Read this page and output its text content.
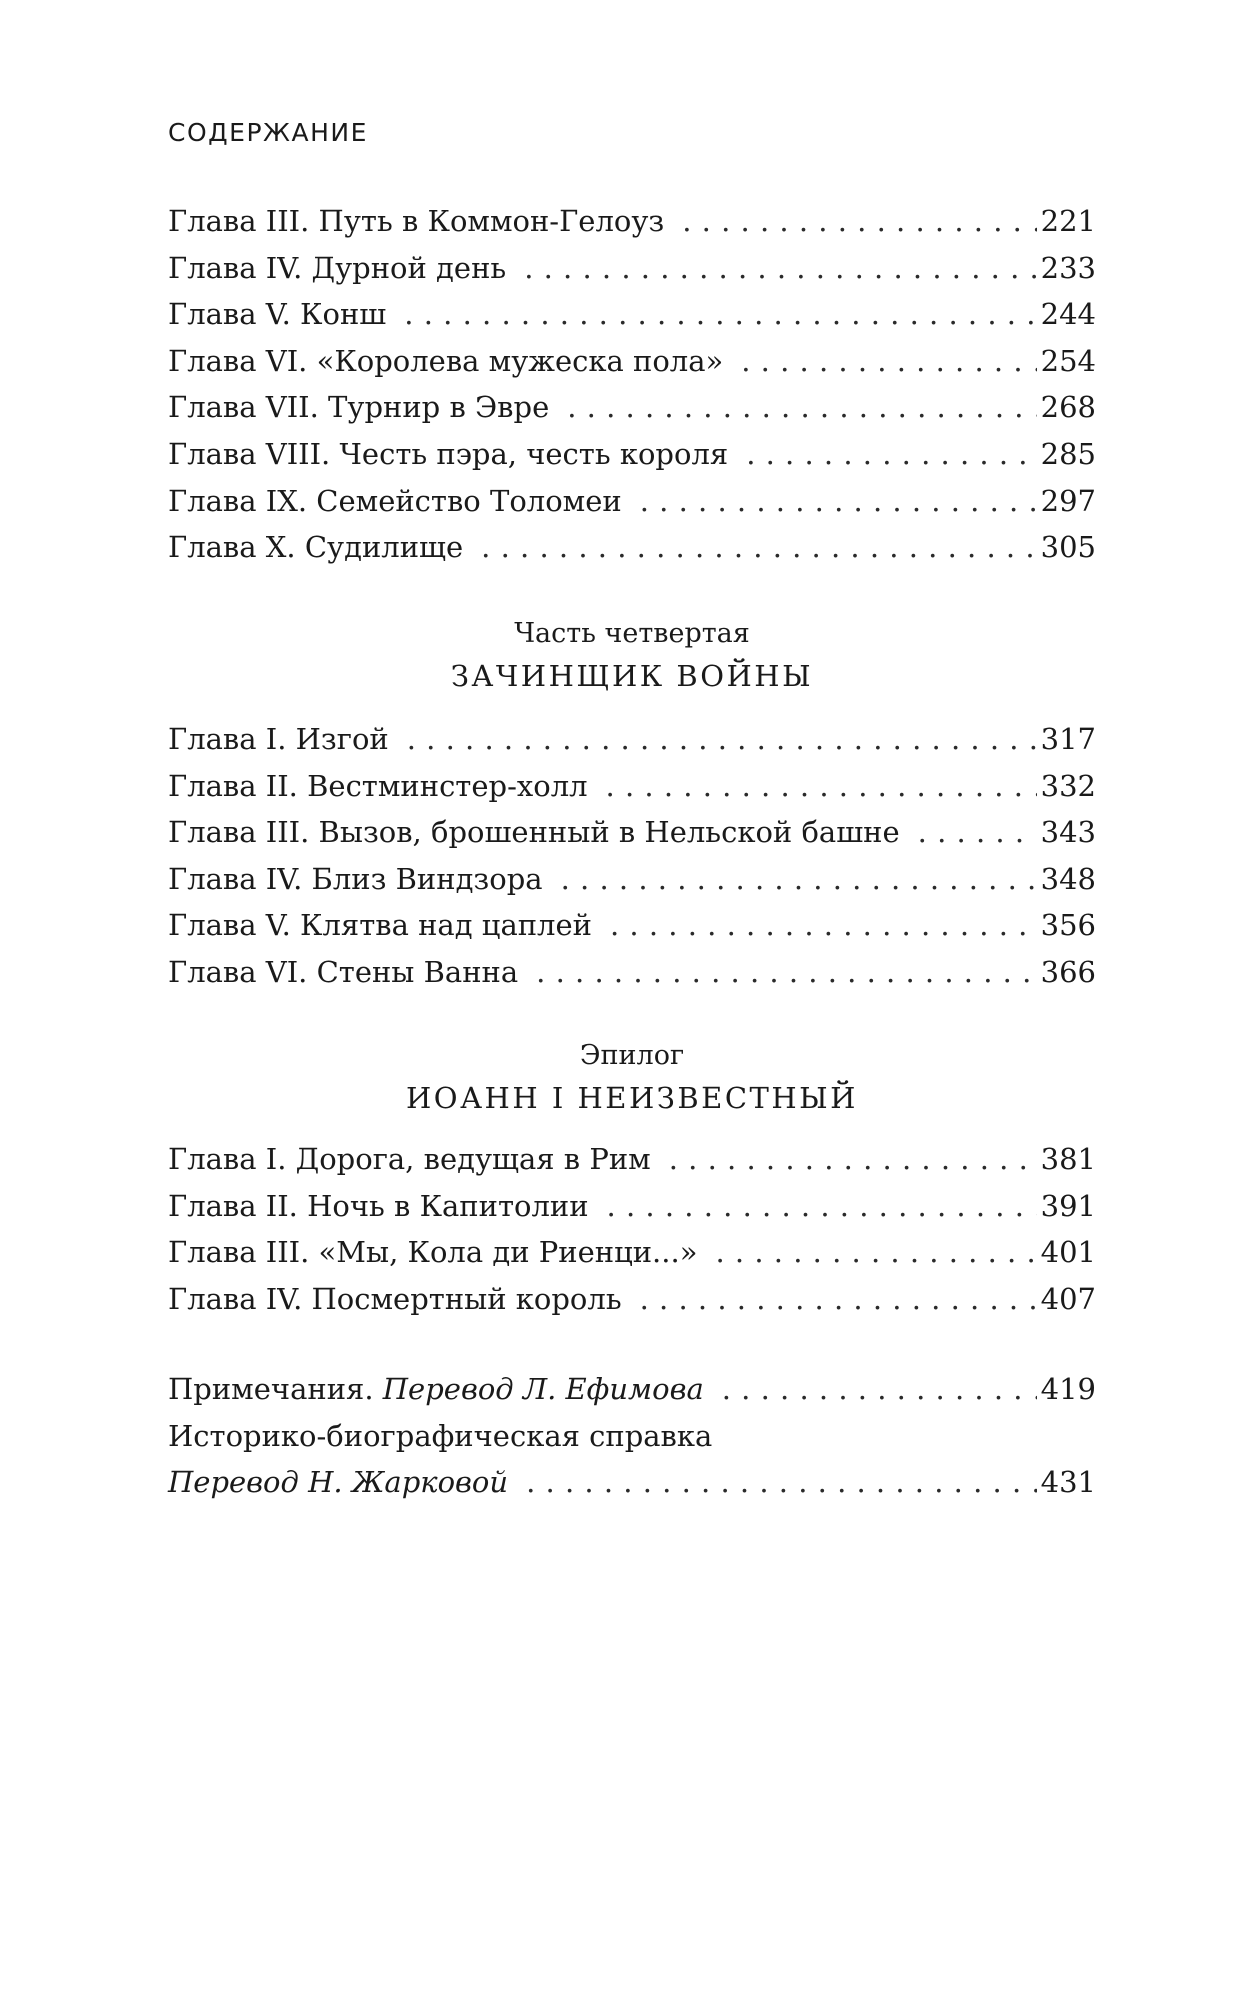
СОДЕРЖАНИЕ
Глава III. Путь в Коммон-Гелоуз . . .	221
Глава IV. Дурной день . . .	233
Глава V. Конш . . .	244
Глава VI. «Королева мужеска пола» . . .	254
Глава VII. Турнир в Эвре . . .	268
Глава VIII. Честь пэра, честь короля . . .	285
Глава IX. Семейство Толомеи . . .	297
Глава X. Судилище . . .	305
Часть четвертая
ЗАЧИНЩИК ВОЙНЫ
Глава I. Изгой . . .	317
Глава II. Вестминстер-холл . . .	332
Глава III. Вызов, брошенный в Нельской башне . . .	343
Глава IV. Близ Виндзора . . .	348
Глава V. Клятва над цаплей . . .	356
Глава VI. Стены Ванна . . .	366
Эпилог
ИОАНН I НЕИЗВЕСТНЫЙ
Глава I. Дорога, ведущая в Рим . . .	381
Глава II. Ночь в Капитолии . . .	391
Глава III. «Мы, Кола ди Риенци...» . . .	401
Глава IV. Посмертный король . . .	407
Примечания. Перевод Л. Ефимова . . .	419
Историко-биографическая справка
Перевод Н. Жарковой . . .	431
